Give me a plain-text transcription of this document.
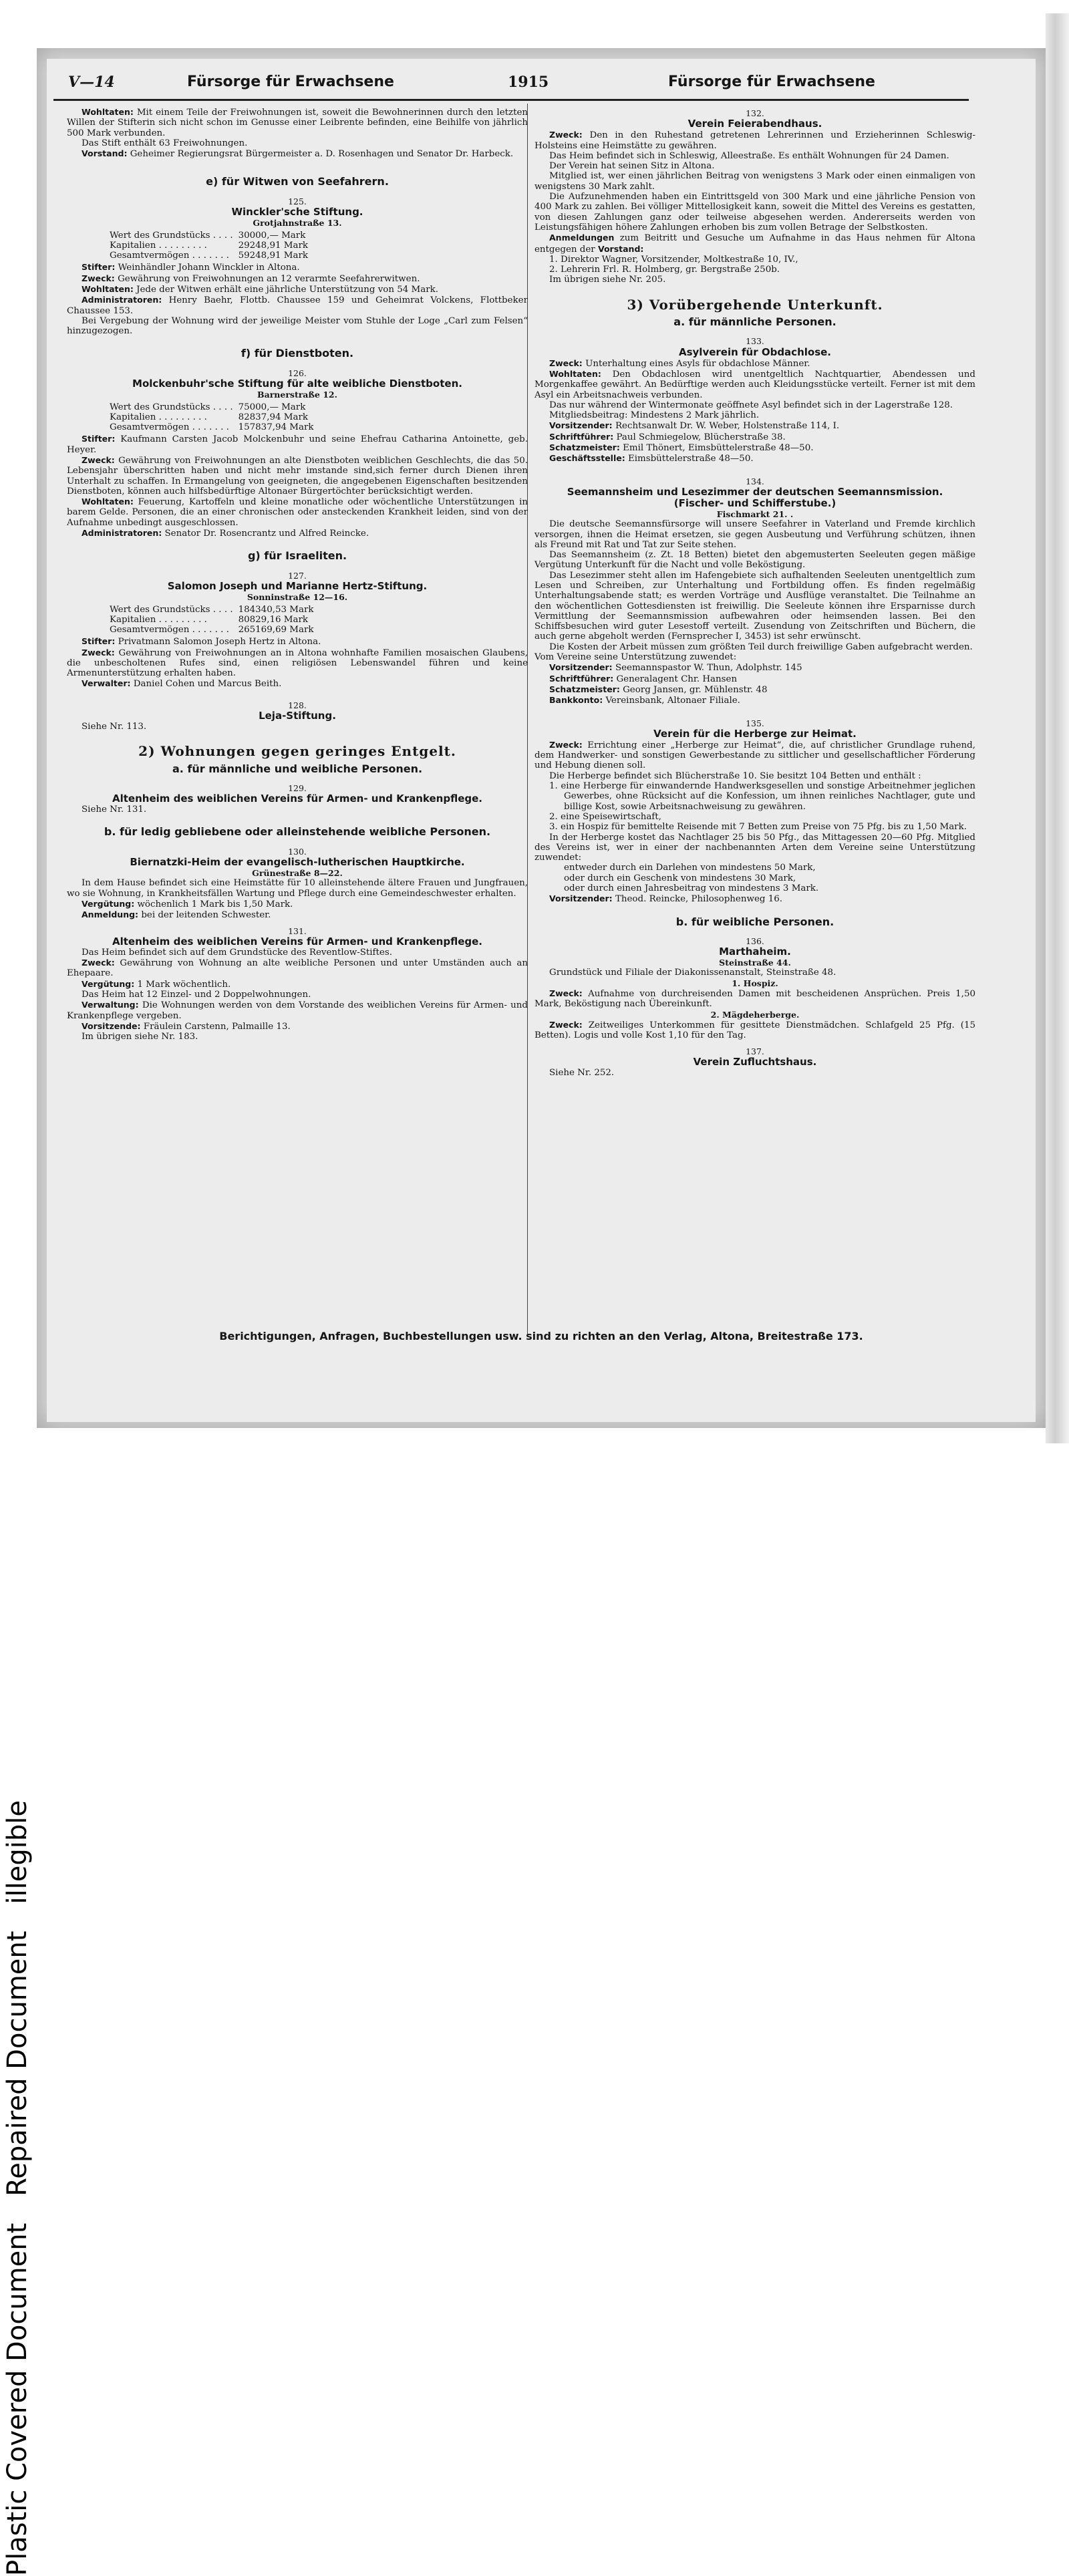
Plastic Covered DocumentRepaired Documentillegible
V—14	Fürsorge für Erwachsene	1915	Fürsorge für Erwachsene

Wohltaten: Mit einem Teile der Freiwohnungen ist, soweit die Bewohnerinnen durch den letzten Willen der Stifterin sich nicht schon im Genusse einer Leibrente befinden, eine Beihilfe von jährlich 500 Mark verbunden.

Das Stift enthält 63 Freiwohnungen.

Vorstand: Geheimer Regierungsrat Bürgermeister a. D. Rosenhagen und Senator Dr. Harbeck.

e) für Witwen von Seefahrern.
125.
Winckler'sche Stiftung.
Grotjahnstraße 13.
Wert des Grundstücks . . . .	30000,— Mark
Kapitalien . . . . . . . . .	29248,91 Mark
Gesamtvermögen . . . . . . .	59248,91 Mark

Stifter: Weinhändler Johann Winckler in Altona.

Zweck: Gewährung von Freiwohnungen an 12 verarmte Seefahrerwitwen.

Wohltaten: Jede der Witwen erhält eine jährliche Unterstützung von 54 Mark.

Administratoren: Henry Baehr, Flottb. Chaussee 159 und Geheimrat Volckens, Flottbeker Chaussee 153.

Bei Vergebung der Wohnung wird der jeweilige Meister vom Stuhle der Loge „Carl zum Felsen“ hinzugezogen.

f) für Dienstboten.
126.
Molckenbuhr'sche Stiftung für alte weibliche Dienstboten.
Barnerstraße 12.
Wert des Grundstücks . . . .	75000,— Mark
Kapitalien . . . . . . . . .	82837,94 Mark
Gesamtvermögen . . . . . . .	157837,94 Mark

Stifter: Kaufmann Carsten Jacob Molckenbuhr und seine Ehefrau Catharina Antoinette, geb. Heyer.

Zweck: Gewährung von Freiwohnungen an alte Dienstboten weiblichen Geschlechts, die das 50. Lebensjahr überschritten haben und nicht mehr imstande sind,sich ferner durch Dienen ihren Unterhalt zu schaffen. In Ermangelung von geeigneten, die angegebenen Eigenschaften besitzenden Dienstboten, können auch hilfsbedürftige Altonaer Bürgertöchter berücksichtigt werden.

Wohltaten: Feuerung, Kartoffeln und kleine monatliche oder wöchentliche Unterstützungen in barem Gelde. Personen, die an einer chronischen oder ansteckenden Krankheit leiden, sind von der Aufnahme unbedingt ausgeschlossen.

Administratoren: Senator Dr. Rosencrantz und Alfred Reincke.

g) für Israeliten.
127.
Salomon Joseph und Marianne Hertz-Stiftung.
Sonninstraße 12—16.
Wert des Grundstücks . . . .	184340,53 Mark
Kapitalien . . . . . . . . .	80829,16 Mark
Gesamtvermögen . . . . . . .	265169,69 Mark

Stifter: Privatmann Salomon Joseph Hertz in Altona.

Zweck: Gewährung von Freiwohnungen an in Altona wohnhafte Familien mosaischen Glaubens, die unbescholtenen Rufes sind, einen religiösen Lebenswandel führen und keine Armenunterstützung erhalten haben.

Verwalter: Daniel Cohen und Marcus Beith.

128.
Leja-Stiftung.

Siehe Nr. 113.

2) Wohnungen gegen geringes Entgelt.
a. für männliche und weibliche Personen.
129.
Altenheim des weiblichen Vereins für Armen- und Krankenpflege.

Siehe Nr. 131.

b. für ledig gebliebene oder alleinstehende weibliche Personen.
130.
Biernatzki-Heim der evangelisch-lutherischen Hauptkirche.
Grünestraße 8—22.

In dem Hause befindet sich eine Heimstätte für 10 alleinstehende ältere Frauen und Jungfrauen, wo sie Wohnung, in Krankheitsfällen Wartung und Pflege durch eine Gemeindeschwester erhalten.

Vergütung: wöchenlich 1 Mark bis 1,50 Mark.

Anmeldung: bei der leitenden Schwester.

131.
Altenheim des weiblichen Vereins für Armen- und Krankenpflege.

Das Heim befindet sich auf dem Grundstücke des Reventlow-Stiftes.

Zweck: Gewährung von Wohnung an alte weibliche Personen und unter Umständen auch an Ehepaare.

Vergütung: 1 Mark wöchentlich.

Das Heim hat 12 Einzel- und 2 Doppelwohnungen.

Verwaltung: Die Wohnungen werden von dem Vorstande des weiblichen Vereins für Armen- und Krankenpflege vergeben.

Vorsitzende: Fräulein Carstenn, Palmaille 13.

Im übrigen siehe Nr. 183.

132.
Verein Feierabendhaus.

Zweck: Den in den Ruhestand getretenen Lehrerinnen und Erzieherinnen Schleswig-Holsteins eine Heimstätte zu gewähren.

Das Heim befindet sich in Schleswig, Alleestraße. Es enthält Wohnungen für 24 Damen.

Der Verein hat seinen Sitz in Altona.

Mitglied ist, wer einen jährlichen Beitrag von wenigstens 3 Mark oder einen einmaligen von wenigstens 30 Mark zahlt.

Die Aufzunehmenden haben ein Eintrittsgeld von 300 Mark und eine jährliche Pension von 400 Mark zu zahlen. Bei völliger Mittellosigkeit kann, soweit die Mittel des Vereins es gestatten, von diesen Zahlungen ganz oder teilweise abgesehen werden. Andererseits werden von Leistungsfähigen höhere Zahlungen erhoben bis zum vollen Betrage der Selbstkosten.

Anmeldungen zum Beitritt und Gesuche um Aufnahme in das Haus nehmen für Altona entgegen der Vorstand:

1. Direktor Wagner, Vorsitzender, Moltkestraße 10, IV.,

2. Lehrerin Frl. R. Holmberg, gr. Bergstraße 250b.

Im übrigen siehe Nr. 205.

3) Vorübergehende Unterkunft.
a. für männliche Personen.
133.
Asylverein für Obdachlose.

Zweck: Unterhaltung eines Asyls für obdachlose Männer.

Wohltaten: Den Obdachlosen wird unentgeltlich Nachtquartier, Abendessen und Morgenkaffee gewährt. An Bedürftige werden auch Kleidungsstücke verteilt. Ferner ist mit dem Asyl ein Arbeitsnachweis verbunden.

Das nur während der Wintermonate geöffnete Asyl befindet sich in der Lagerstraße 128.

Mitgliedsbeitrag: Mindestens 2 Mark jährlich.

Vorsitzender: Rechtsanwalt Dr. W. Weber, Holstenstraße 114, I.

Schriftführer: Paul Schmiegelow, Blücherstraße 38.

Schatzmeister: Emil Thönert, Eimsbüttelerstraße 48—50.

Geschäftsstelle: Eimsbüttelerstraße 48—50.

134.
Seemannsheim und Lesezimmer der deutschen Seemannsmission.
(Fischer- und Schifferstube.)
Fischmarkt 21. .

Die deutsche Seemannsfürsorge will unsere Seefahrer in Vaterland und Fremde kirchlich versorgen, ihnen die Heimat ersetzen, sie gegen Ausbeutung und Verführung schützen, ihnen als Freund mit Rat und Tat zur Seite stehen.

Das Seemannsheim (z. Zt. 18 Betten) bietet den abgemusterten Seeleuten gegen mäßige Vergütung Unterkunft für die Nacht und volle Beköstigung.

Das Lesezimmer steht allen im Hafengebiete sich aufhaltenden Seeleuten unentgeltlich zum Lesen und Schreiben, zur Unterhaltung und Fortbildung offen. Es finden regelmäßig Unterhaltungsabende statt; es werden Vorträge und Ausflüge veranstaltet. Die Teilnahme an den wöchentlichen Gottesdiensten ist freiwillig. Die Seeleute können ihre Ersparnisse durch Vermittlung der Seemannsmission aufbewahren oder heimsenden lassen. Bei den Schiffsbesuchen wird guter Lesestoff verteilt. Zusendung von Zeitschriften und Büchern, die auch gerne abgeholt werden (Fernsprecher I, 3453) ist sehr erwünscht.

Die Kosten der Arbeit müssen zum größten Teil durch freiwillige Gaben aufgebracht werden.

Vom Vereine seine Unterstützung zuwendet:

Vorsitzender: Seemannspastor W. Thun, Adolphstr. 145

Schriftführer: Generalagent Chr. Hansen

Schatzmeister: Georg Jansen, gr. Mühlenstr. 48

Bankkonto: Vereinsbank, Altonaer Filiale.

135.
Verein für die Herberge zur Heimat.

Zweck: Errichtung einer „Herberge zur Heimat“, die, auf christlicher Grundlage ruhend, dem Handwerker- und sonstigen Gewerbestande zu sittlicher und gesellschaftlicher Förderung und Hebung dienen soll.

Die Herberge befindet sich Blücherstraße 10. Sie besitzt 104 Betten und enthält :

1. eine Herberge für einwandernde Handwerksgesellen und sonstige Arbeitnehmer jeglichen Gewerbes, ohne Rücksicht auf die Konfession, um ihnen reinliches Nachtlager, gute und billige Kost, sowie Arbeitsnachweisung zu gewähren.

2. eine Speisewirtschaft,

3. ein Hospiz für bemittelte Reisende mit 7 Betten zum Preise von 75 Pfg. bis zu 1,50 Mark.

In der Herberge kostet das Nachtlager 25 bis 50 Pfg., das Mittagessen 20—60 Pfg. Mitglied des Vereins ist, wer in einer der nachbenannten Arten dem Vereine seine Unterstützung zuwendet:

entweder durch ein Darlehen von mindestens 50 Mark,

oder durch ein Geschenk von mindestens 30 Mark,

oder durch einen Jahresbeitrag von mindestens 3 Mark.

Vorsitzender: Theod. Reincke, Philosophenweg 16.

b. für weibliche Personen.
136.
Marthaheim.
Steinstraße 44.

Grundstück und Filiale der Diakonissenanstalt, Steinstraße 48.

1. Hospiz.

Zweck: Aufnahme von durchreisenden Damen mit bescheidenen Ansprüchen. Preis 1,50 Mark, Beköstigung nach Übereinkunft.

2. Mägdeherberge.

Zweck: Zeitweiliges Unterkommen für gesittete Dienstmädchen. Schlafgeld 25 Pfg. (15 Betten). Logis und volle Kost 1,10 für den Tag.

137.
Verein Zufluchtshaus.

Siehe Nr. 252.

Berichtigungen, Anfragen, Buchbestellungen usw. sind zu richten an den Verlag, Altona, Breitestraße 173.
